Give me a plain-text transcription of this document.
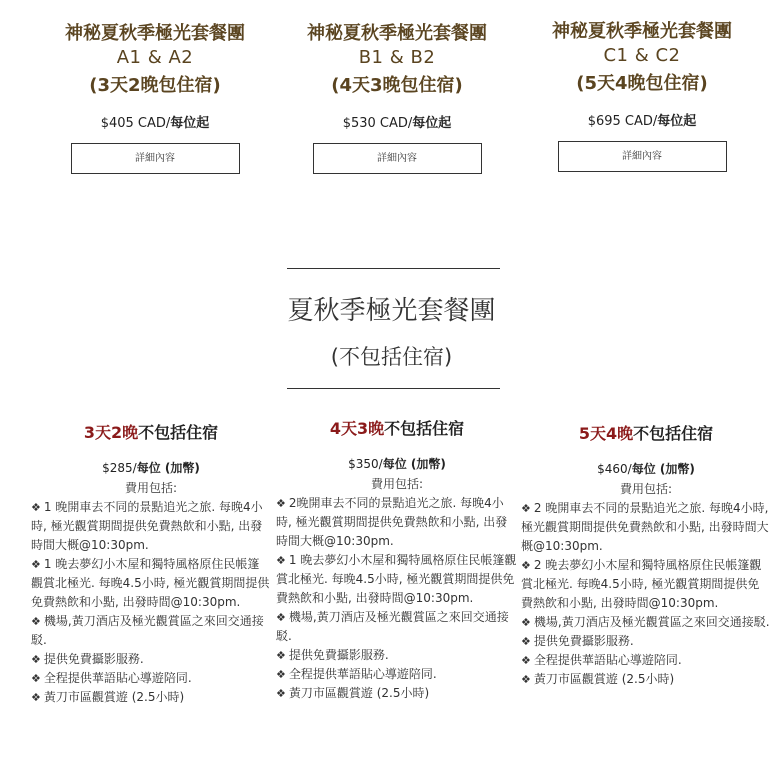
神秘夏秋季極光套餐團
A1 & A2
(3天2晚包住宿)
$405 CAD/每位起
詳細內容
神秘夏秋季極光套餐團
B1 & B2
(4天3晚包住宿)
$530 CAD/每位起
詳細內容
神秘夏秋季極光套餐團
C1 & C2
(5天4晚包住宿)
$695 CAD/每位起
詳細內容
夏秋季極光套餐團
(不包括住宿)
3天2晚不包括住宿
$285/每位 (加幣)
費用包括:
❖ 1 晚開車去不同的景點追光之旅. 每晚4小時, 極光觀賞期間提供免費熱飲和小點, 出發時間大概@10:30pm.
❖ 1 晚去夢幻小木屋和獨特風格原住民帳篷觀賞北極光. 每晚4.5小時, 極光觀賞期間提供免費熱飲和小點, 出發時間@10:30pm.
❖ 機場,黃刀酒店及極光觀賞區之來回交通接駁.
❖ 提供免費攝影服務.
❖ 全程提供華語貼心導遊陪同.
❖ 黃刀市區觀賞遊 (2.5小時)
4天3晚不包括住宿
$350/每位 (加幣)
費用包括:
❖ 2晚開車去不同的景點追光之旅. 每晚4小時, 極光觀賞期間提供免費熱飲和小點, 出發時間大概@10:30pm.
❖ 1 晚去夢幻小木屋和獨特風格原住民帳篷觀賞北極光. 每晚4.5小時, 極光觀賞期間提供免費熱飲和小點, 出發時間@10:30pm.
❖ 機場,黃刀酒店及極光觀賞區之來回交通接駁.
❖ 提供免費攝影服務.
❖ 全程提供華語貼心導遊陪同.
❖ 黃刀市區觀賞遊 (2.5小時)
5天4晚不包括住宿
$460/每位 (加幣)
費用包括:
❖ 2 晚開車去不同的景點追光之旅. 每晚4小時, 極光觀賞期間提供免費熱飲和小點, 出發時間大概@10:30pm.
❖ 2 晚去夢幻小木屋和獨特風格原住民帳篷觀賞北極光. 每晚4.5小時, 極光觀賞期間提供免費熱飲和小點, 出發時間@10:30pm.
❖ 機場,黃刀酒店及極光觀賞區之來回交通接駁.
❖ 提供免費攝影服務.
❖ 全程提供華語貼心導遊陪同.
❖ 黃刀市區觀賞遊 (2.5小時)
